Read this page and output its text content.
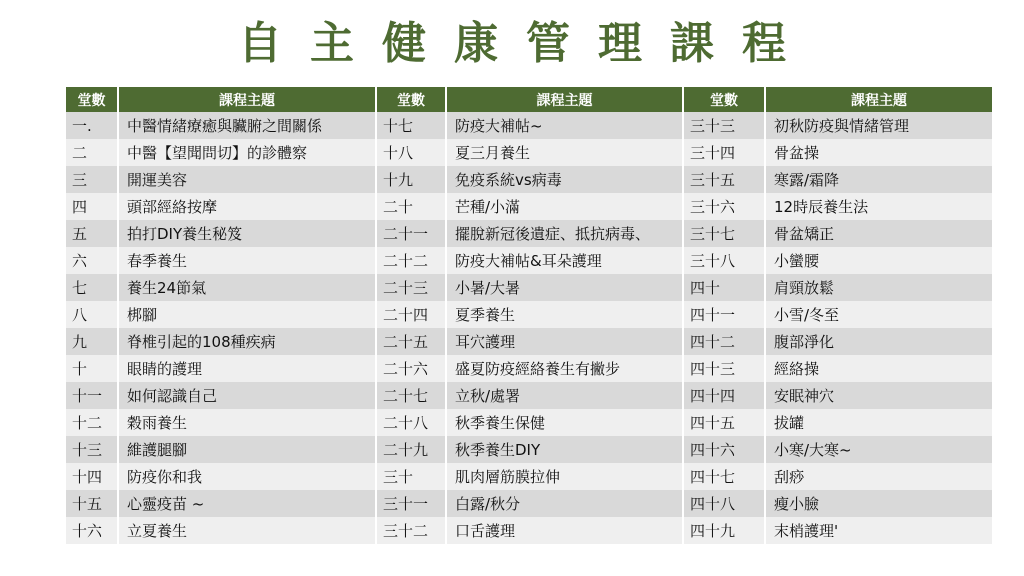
自主健康管理課程
堂數	課程主題	堂數	課程主題	堂數	課程主題
一.	中醫情緒療癒與臟腑之間關係	十七	防疫大補帖~	三十三	初秋防疫與情緒管理
二	中醫【望聞問切】的診體察	十八	夏三月養生	三十四	骨盆操
三	開運美容	十九	免疫系統vs病毒	三十五	寒露/霜降
四	頭部經絡按摩	二十	芒種/小滿	三十六	12時辰養生法
五	拍打DIY養生秘笈	二十一	擺脫新冠後遺症、抵抗病毒、	三十七	骨盆矯正
六	春季養生	二十二	防疫大補帖&耳朵護理	三十八	小蠻腰
七	養生24節氣	二十三	小暑/大暑	四十	肩頸放鬆
八	梆腳	二十四	夏季養生	四十一	小雪/冬至
九	脊椎引起的108種疾病	二十五	耳穴護理	四十二	腹部淨化
十	眼睛的護理	二十六	盛夏防疫經絡養生有撇步	四十三	經絡操
十一	如何認識自己	二十七	立秋/處署	四十四	安眠神穴
十二	穀雨養生	二十八	秋季養生保健	四十五	拔罐
十三	維護腿腳	二十九	秋季養生DIY	四十六	小寒/大寒~
十四	防疫你和我	三十	肌肉層筋膜拉伸	四十七	刮痧
十五	心靈疫苗 ~	三十一	白露/秋分	四十八	瘦小臉
十六	立夏養生	三十二	口舌護理	四十九	末梢護理'
